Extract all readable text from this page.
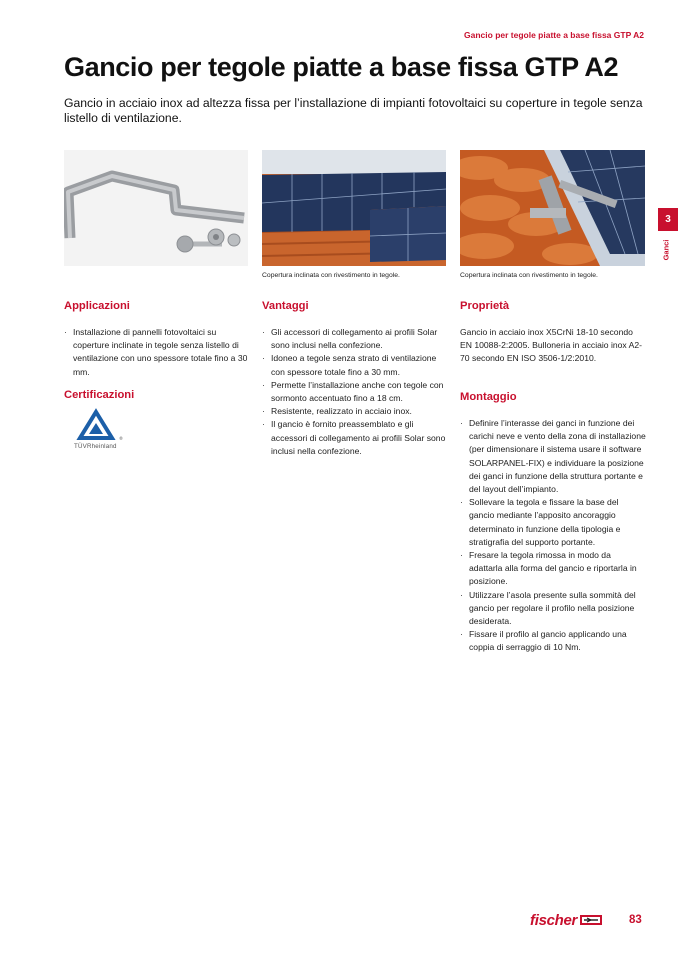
Gancio per tegole piatte a base fissa GTP A2
Gancio per tegole piatte a base fissa GTP A2

Gancio in acciaio inox ad altezza fissa per l’installazione di impianti fotovoltaici su coperture in tegole senza listello di ventilazione.

3
Ganci
Copertura inclinata con rivestimento in tegole.	Copertura inclinata con rivestimento in tegole.
Applicazioni
· Installazione di pannelli fotovoltaici su coperture inclinate in tegole senza listello di ventilazione con uno spessore totale fino a 30 mm.
Certificazioni
®
TÜVRheinland
Vantaggi
· Gli accessori di collegamento ai profili Solar sono inclusi nella confezione.
· Idoneo a tegole senza strato di ventilazione con spessore totale fino a 30 mm.
· Permette l’installazione anche con tegole con sormonto accentuato fino a 18 cm.
· Resistente, realizzato in acciaio inox.
· Il gancio è fornito preassemblato e gli accessori di collegamento ai profili Solar sono inclusi nella confezione.
Proprietà

Gancio in acciaio inox X5CrNi 18-10 secondo EN 10088-2:2005. Bulloneria in acciaio inox A2-70 secondo EN ISO 3506-1/2:2010.

Montaggio
· Definire l’interasse dei ganci in funzione dei carichi neve e vento della zona di installazione (per dimensionare il sistema usare il software SOLARPANEL-FIX) e individuare la posizione dei ganci in funzione della struttura portante e del layout dell’impianto.
· Sollevare la tegola e fissare la base del gancio mediante l’apposito ancoraggio determinato in funzione della tipologia e stratigrafia del supporto portante.
· Fresare la tegola rimossa in modo da adattarla alla forma del gancio e riportarla in posizione.
· Utilizzare l’asola presente sulla sommità del gancio per regolare il profilo nella posizione desiderata.
· Fissare il profilo al gancio applicando una coppia di serraggio di 10 Nm.
fischer	83
